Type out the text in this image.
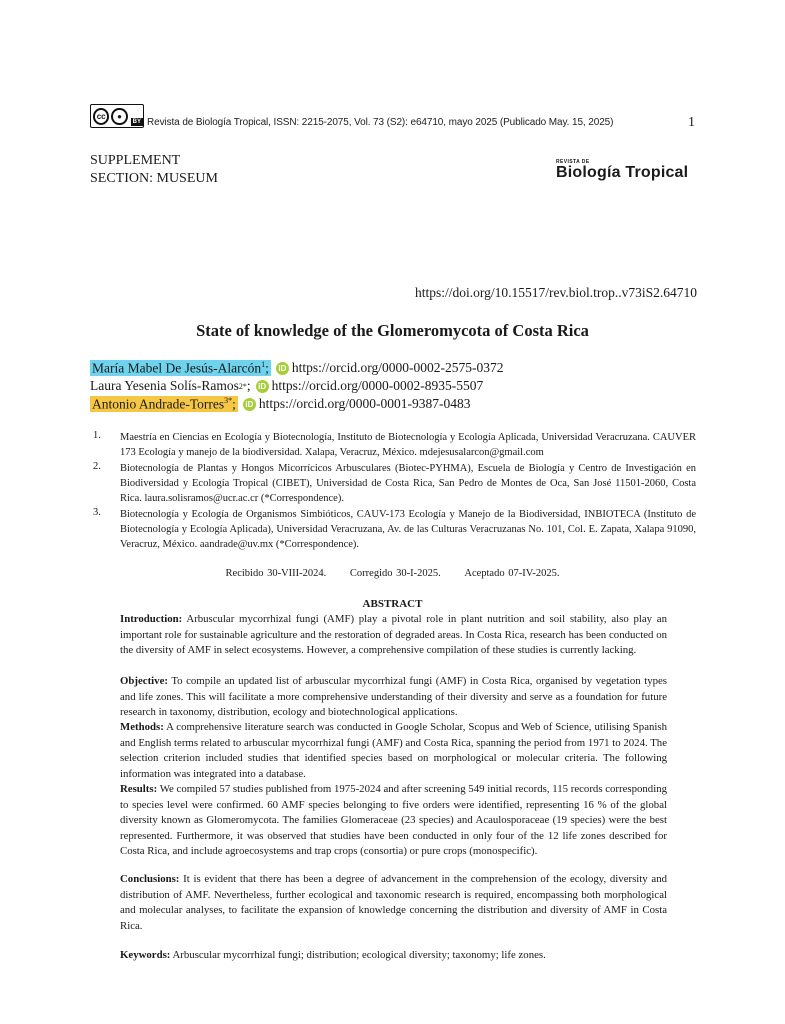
cc	●
BY Revista de Biología Tropical, ISSN: 2215-2075, Vol. 73 (S2): e64710, mayo 2025 (Publicado May. 15, 2025)	1
SUPPLEMENT
SECTION: MUSEUM
REVISTA DE
Biología Tropical
https://doi.org/10.15517/rev.biol.trop..v73iS2.64710
State of knowledge of the Glomeromycota of Costa Rica
María Mabel De Jesús-Alarcón$^1$;	iD https://orcid.org/0000-0002-2575-0372
Laura Yesenia Solís-Ramos 2* ; iD https://orcid.org/0000-0002-8935-5507
Antonio Andrade-Torres$^{3*}$;	iD https://orcid.org/0000-0001-9387-0483
1. Maestría en Ciencias en Ecología y Biotecnología, Instituto de Biotecnología y Ecología Aplicada, Universidad Veracruzana. CAUVER 173 Ecología y manejo de la biodiversidad. Xalapa, Veracruz, México. mdejesusalarcon@gmail.com
2. Biotecnología de Plantas y Hongos Micorrícicos Arbusculares (Biotec-PYHMA), Escuela de Biología y Centro de Investigación en Biodiversidad y Ecología Tropical (CIBET), Universidad de Costa Rica, San Pedro de Montes de Oca, San José 11501-2060, Costa Rica. laura.solisramos@ucr.ac.cr (*Correspondence).
3. Biotecnología y Ecología de Organismos Simbióticos, CAUV-173 Ecología y Manejo de la Biodiversidad, INBIOTECA (Instituto de Biotecnología y Ecología Aplicada), Universidad Veracruzana, Av. de las Culturas Veracruzanas No. 101, Col. E. Zapata, Xalapa 91090, Veracruz, México. aandrade@uv.mx (*Correspondence).
Recibido 30-VIII-2024. Corregido 30-I-2025. Aceptado 07-IV-2025.
ABSTRACT
Introduction: Arbuscular mycorrhizal fungi (AMF) play a pivotal role in plant nutrition and soil stability, also play an important role for sustainable agriculture and the restoration of degraded areas. In Costa Rica, research has been conducted on the diversity of AMF in select ecosystems. However, a comprehensive compilation of these studies is currently lacking.
Objective: To compile an updated list of arbuscular mycorrhizal fungi (AMF) in Costa Rica, organised by vegetation types and life zones. This will facilitate a more comprehensive understanding of their diversity and serve as a foundation for future research in taxonomy, distribution, ecology and biotechnological applications.
Methods: A comprehensive literature search was conducted in Google Scholar, Scopus and Web of Science, utilising Spanish and English terms related to arbuscular mycorrhizal fungi (AMF) and Costa Rica, spanning the period from 1971 to 2024. The selection criterion included studies that identified species based on morphological or molecular criteria. The following information was integrated into a database.
Results: We compiled 57 studies published from 1975-2024 and after screening 549 initial records, 115 records corresponding to species level were confirmed. 60 AMF species belonging to five orders were identified, representing 16 % of the global diversity known as Glomeromycota. The families Glomeraceae (23 species) and Acaulosporaceae (19 species) were the best represented. Furthermore, it was observed that studies have been conducted in only four of the 12 life zones described for Costa Rica, and include agroecosystems and trap crops (consortia) or pure crops (monospecific).
Conclusions: It is evident that there has been a degree of advancement in the comprehension of the ecology, diversity and distribution of AMF. Nevertheless, further ecological and taxonomic research is required, encompassing both morphological and molecular analyses, to facilitate the expansion of knowledge concerning the distribution and diversity of AMF in Costa Rica.
Keywords: Arbuscular mycorrhizal fungi; distribution; ecological diversity; taxonomy; life zones.
